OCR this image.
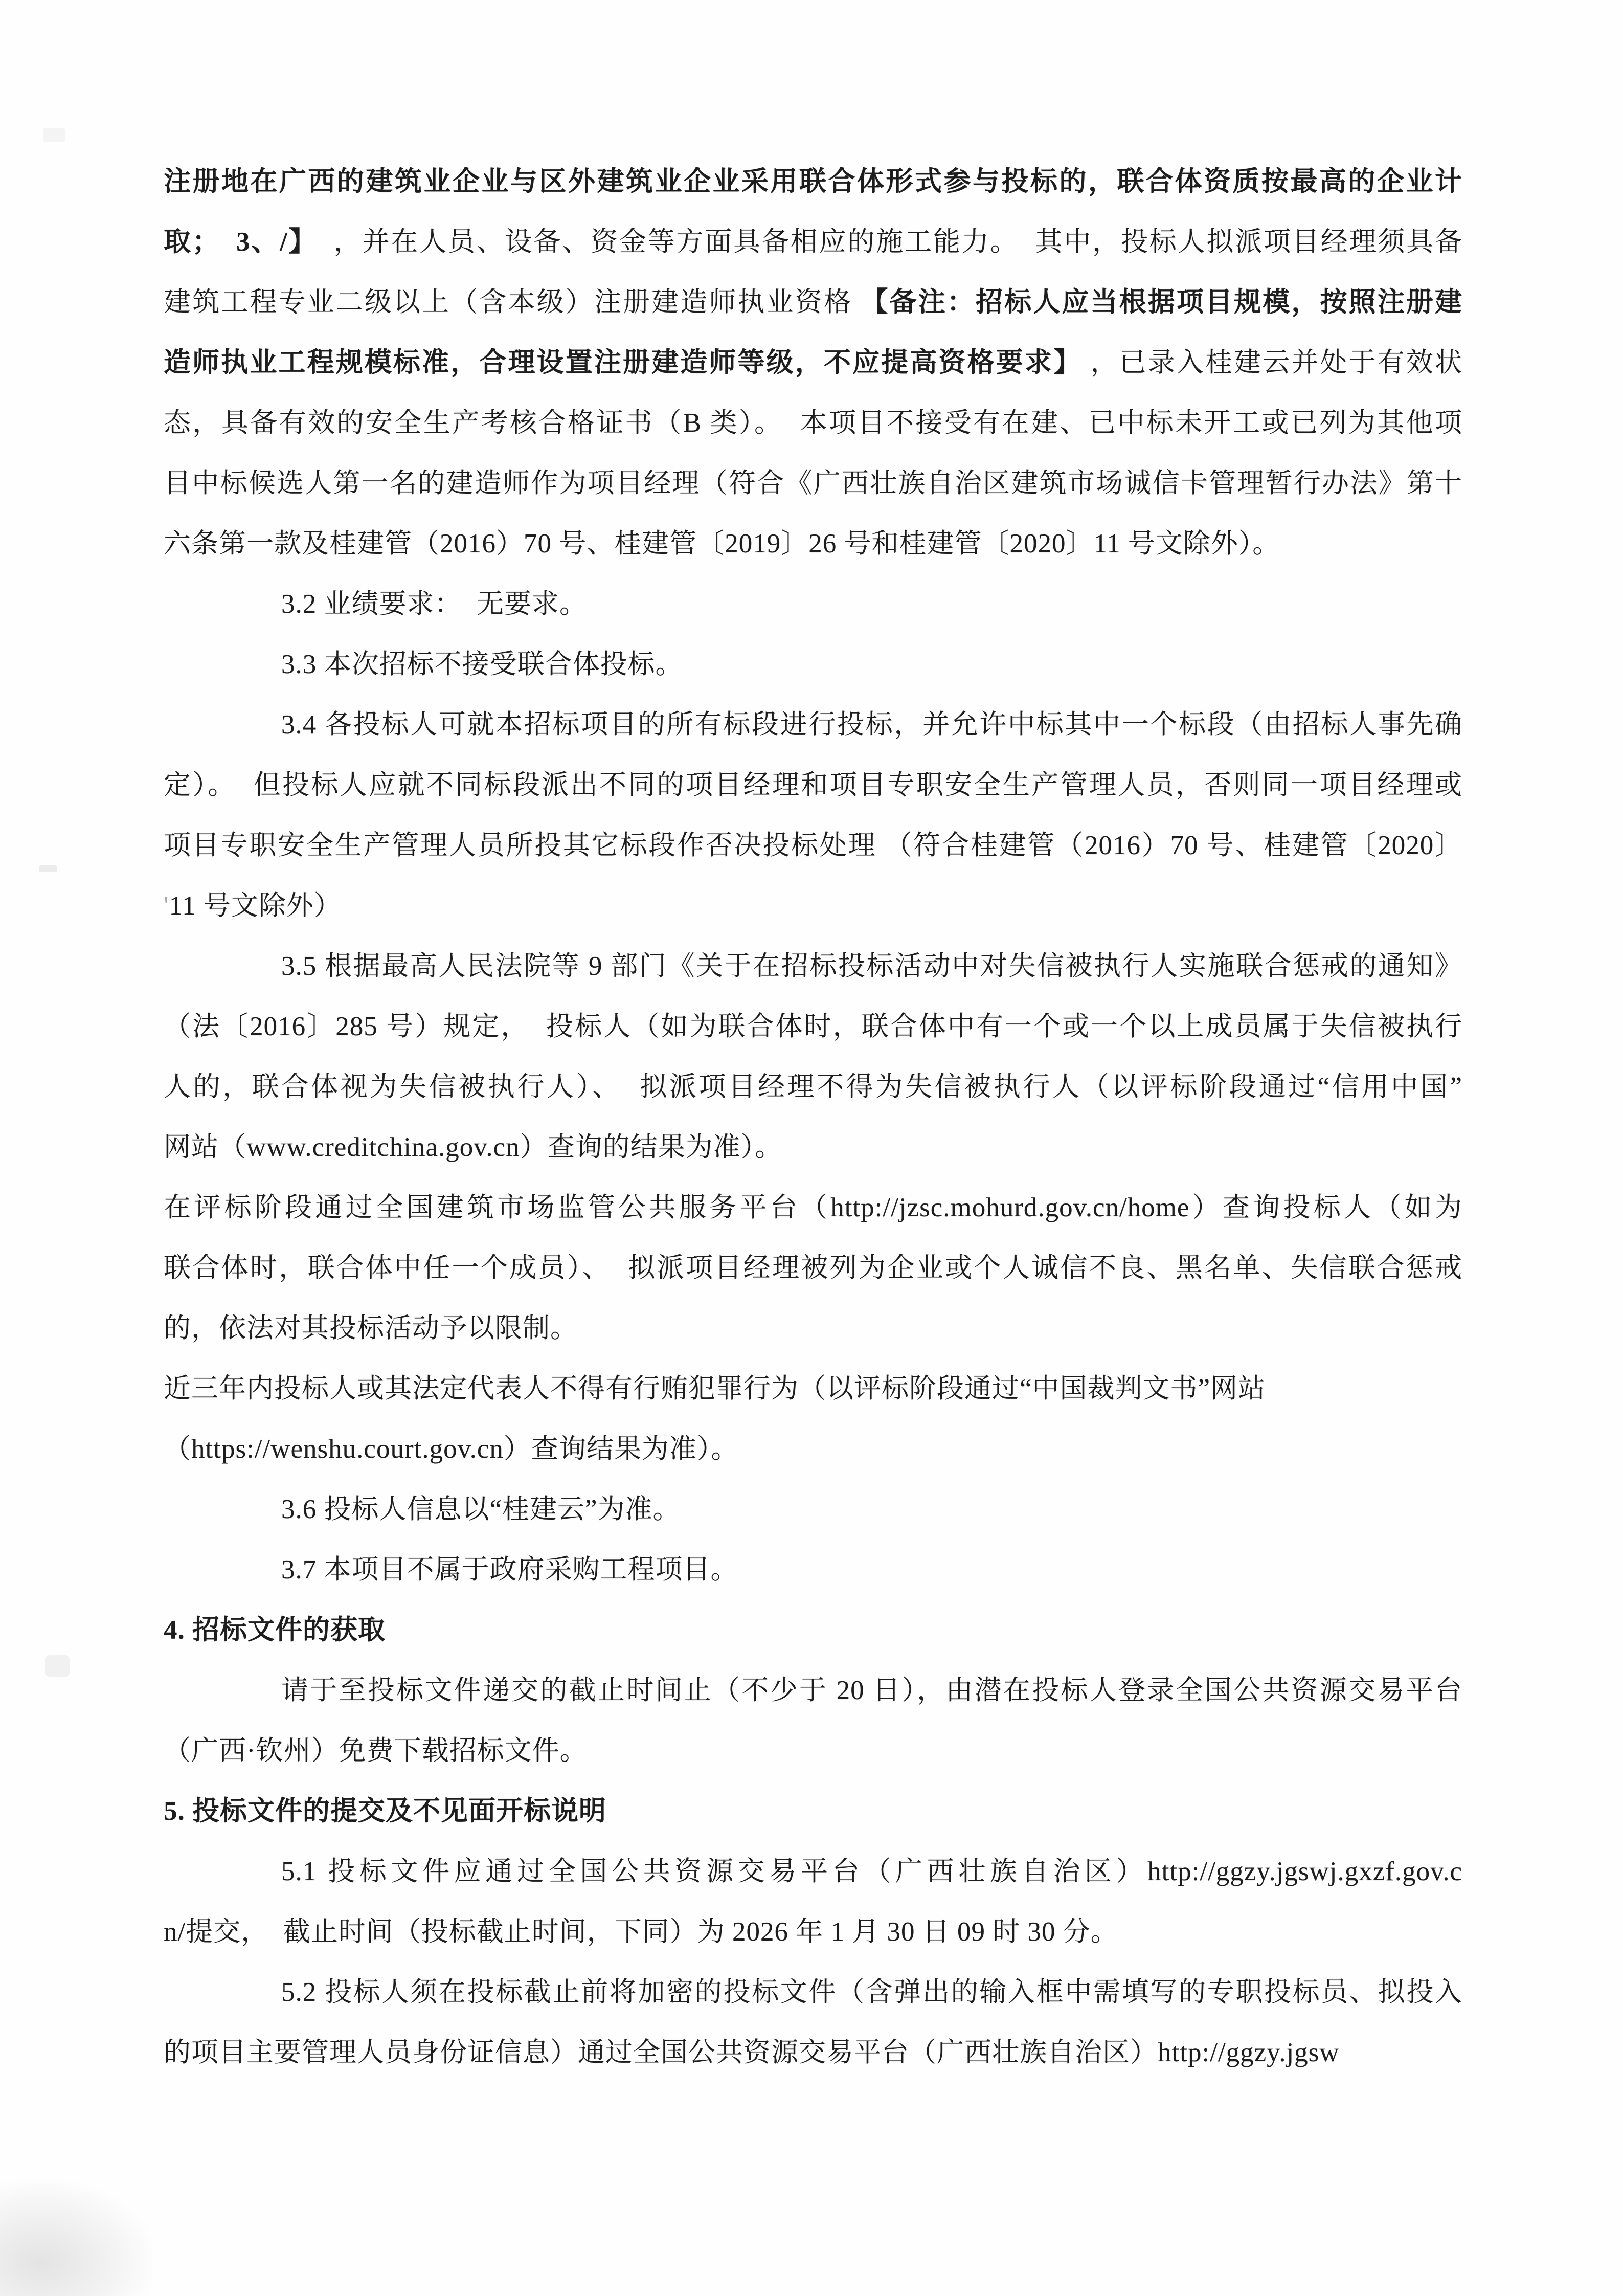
注册地在广西的建筑业企业与区外建筑业企业采用联合体形式参与投标的，联合体资质按最高的企业计
取；  3、/】  ，并在人员、设备、资金等方面具备相应的施工能力。  其中，投标人拟派项目经理须具备
建筑工程专业二级以上（含本级）注册建造师执业资格 【备注：招标人应当根据项目规模，按照注册建
造师执业工程规模标准，合理设置注册建造师等级，不应提高资格要求】 ，已录入桂建云并处于有效状
态，具备有效的安全生产考核合格证书（B 类）。  本项目不接受有在建、已中标未开工或已列为其他项
目中标候选人第一名的建造师作为项目经理（符合《广西壮族自治区建筑市场诚信卡管理暂行办法》第十
六条第一款及桂建管（2016）70 号、桂建管〔2019〕26 号和桂建管〔2020〕11 号文除外）。
3.2 业绩要求：  无要求。
3.3 本次招标不接受联合体投标。
3.4 各投标人可就本招标项目的所有标段进行投标，并允许中标其中一个标段（由招标人事先确
定）。  但投标人应就不同标段派出不同的项目经理和项目专职安全生产管理人员，否则同一项目经理或
项目专职安全生产管理人员所投其它标段作否决投标处理 （符合桂建管（2016）70 号、桂建管〔2020〕
'11 号文除外）
3.5 根据最高人民法院等 9 部门《关于在招标投标活动中对失信被执行人实施联合惩戒的通知》
（法〔2016〕285 号）规定，  投标人（如为联合体时，联合体中有一个或一个以上成员属于失信被执行
人的，联合体视为失信被执行人）、  拟派项目经理不得为失信被执行人（以评标阶段通过“信用中国”
网站（www.creditchina.gov.cn）查询的结果为准）。
在评标阶段通过全国建筑市场监管公共服务平台（http://jzsc.mohurd.gov.cn/home）查询投标人（如为
联合体时，联合体中任一个成员）、  拟派项目经理被列为企业或个人诚信不良、黑名单、失信联合惩戒
的，依法对其投标活动予以限制。
近三年内投标人或其法定代表人不得有行贿犯罪行为（以评标阶段通过“中国裁判文书”网站
（https://wenshu.court.gov.cn）查询结果为准）。
3.6 投标人信息以“桂建云”为准。
3.7 本项目不属于政府采购工程项目。
4. 招标文件的获取
请于至投标文件递交的截止时间止（不少于 20 日），由潜在投标人登录全国公共资源交易平台
（广西·钦州）免费下载招标文件。
5. 投标文件的提交及不见面开标说明
5.1 投标文件应通过全国公共资源交易平台（广西壮族自治区）http://ggzy.jgswj.gxzf.gov.c
n/提交，  截止时间（投标截止时间，下同）为 2026 年 1 月 30 日 09 时 30 分。
5.2 投标人须在投标截止前将加密的投标文件（含弹出的输入框中需填写的专职投标员、拟投入
的项目主要管理人员身份证信息）通过全国公共资源交易平台（广西壮族自治区）http://ggzy.jgsw
